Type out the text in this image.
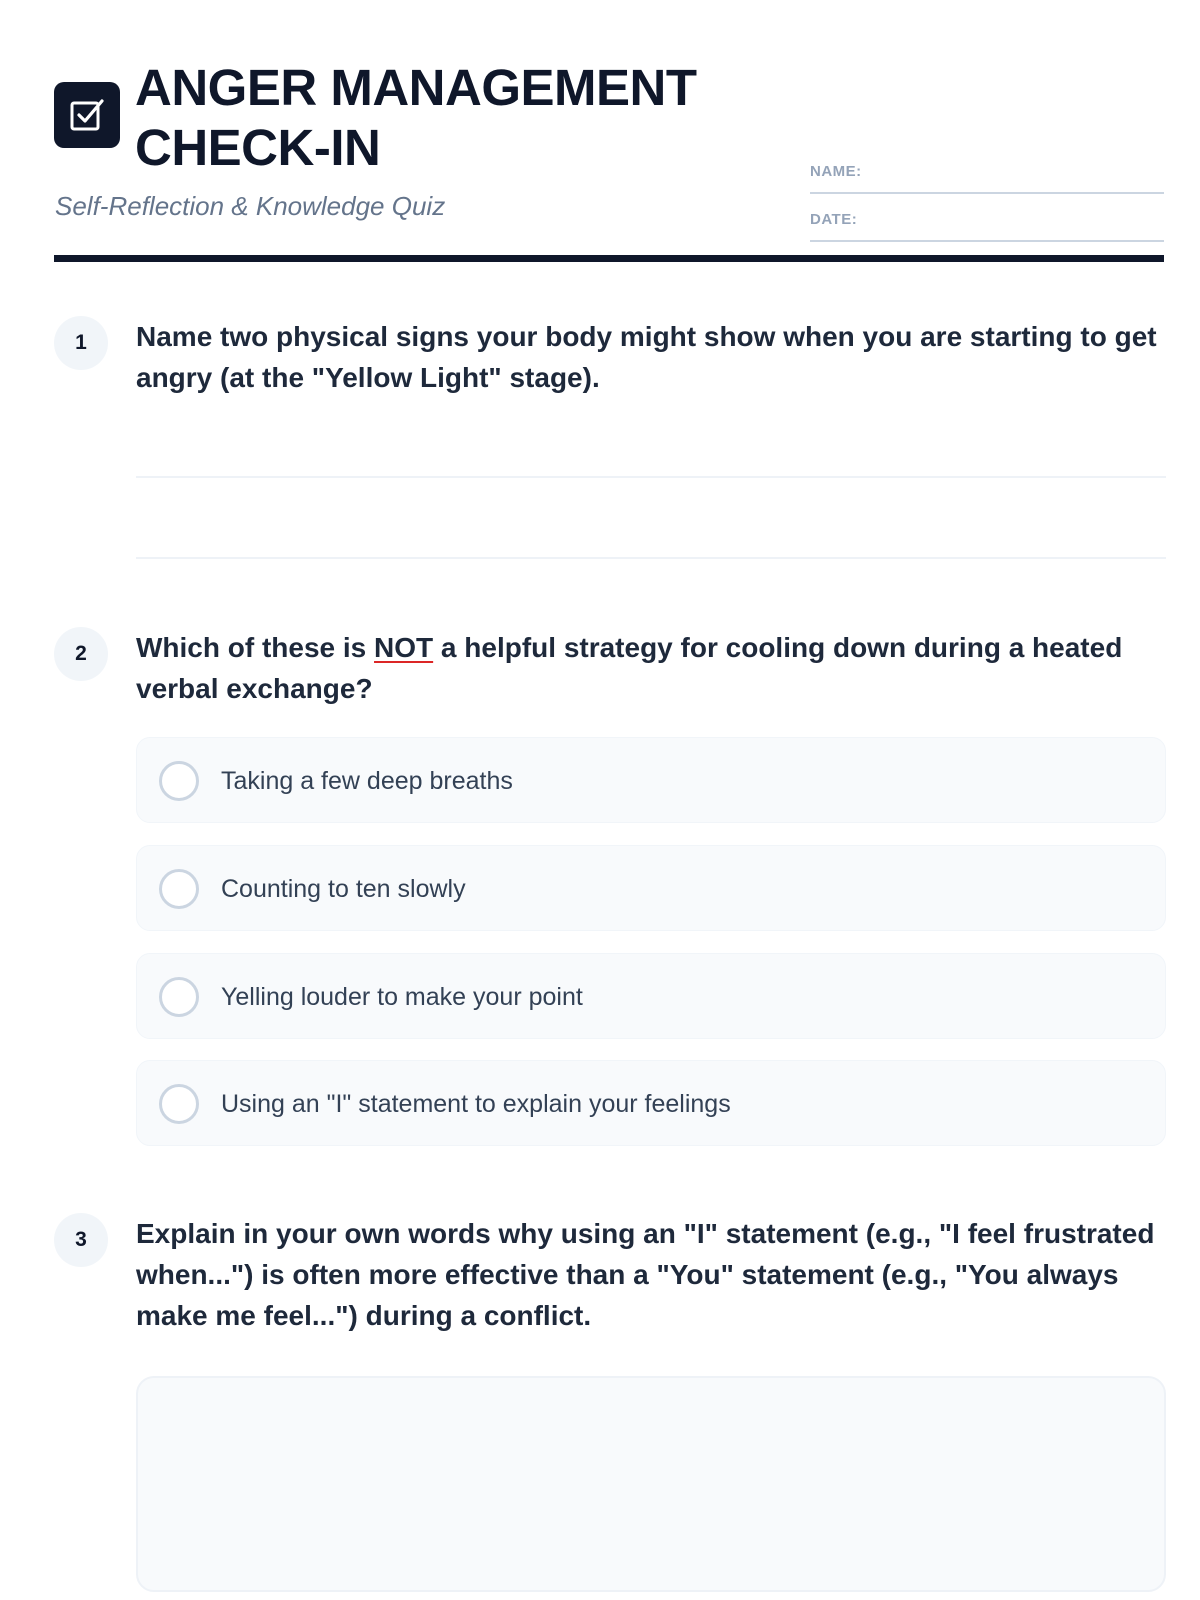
ANGER MANAGEMENT CHECK-IN
Self-Reflection & Knowledge Quiz
NAME:
DATE:
1	Name two physical signs your body might show when you are starting to get angry (at the "Yellow Light" stage).
2	Which of these is NOT a helpful strategy for cooling down during a heated verbal exchange?
Taking a few deep breaths
Counting to ten slowly
Yelling louder to make your point
Using an "I" statement to explain your feelings
3	Explain in your own words why using an "I" statement (e.g., "I feel frustrated when...") is often more effective than a "You" statement (e.g., "You always make me feel...") during a conflict.
